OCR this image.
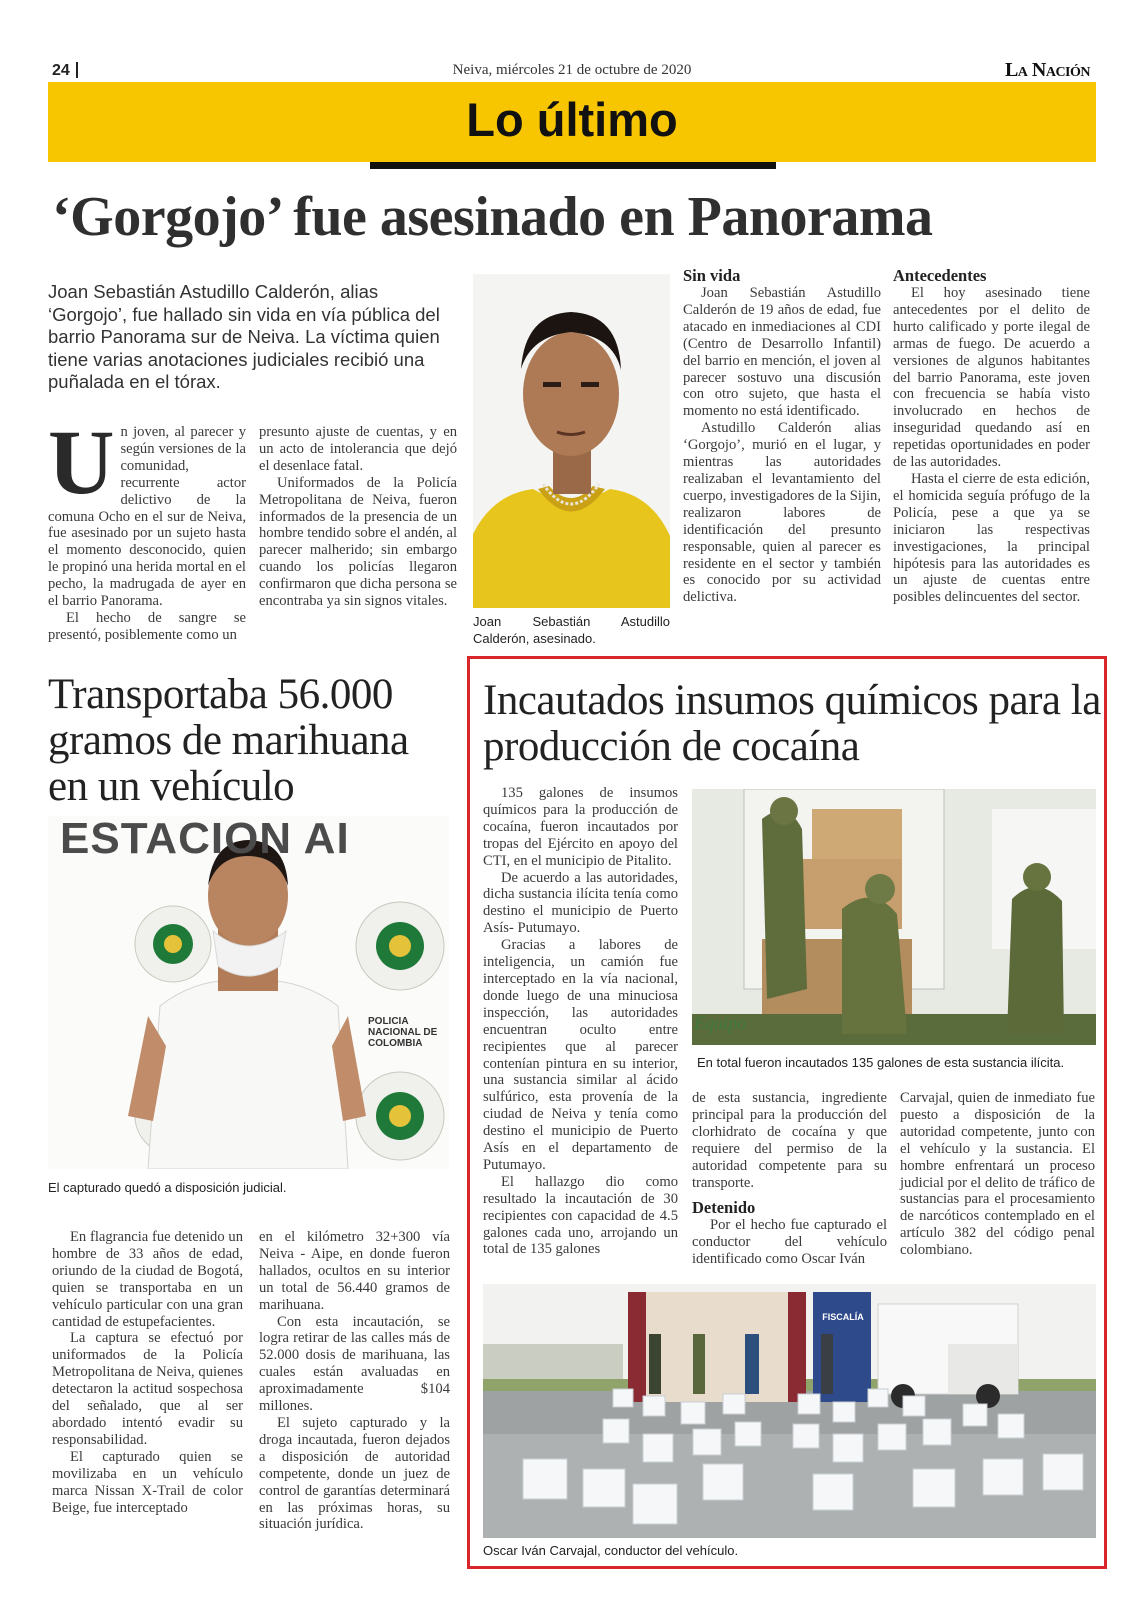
24	Neiva, miércoles 21 de octubre de 2020	La Nación
Lo último
‘Gorgojo’ fue asesinado en Panorama
Joan Sebastián Astudillo Calderón, alias ‘Gorgojo’, fue hallado sin vida en vía pública del barrio Panorama sur de Neiva. La víctima quien tiene varias anotaciones judiciales recibió una puñalada en el tórax.
U n joven, al parecer y según versiones de la comunidad, recurrente actor delictivo de la comuna Ocho en el sur de Neiva, fue asesinado por un sujeto hasta el momento desconocido, quien le propinó una herida mortal en el pecho, la madrugada de ayer en el barrio Panorama.

El hecho de sangre se presentó, posiblemente como un

presunto ajuste de cuentas, y en un acto de intolerancia que dejó el desenlace fatal.

Uniformados de la Policía Metropolitana de Neiva, fueron informados de la presencia de un hombre tendido sobre el andén, al parecer malherido; sin embargo cuando los policías llegaron confirmaron que dicha persona se encontraba ya sin signos vitales.

Joan Sebastián Astudillo Calderón, asesinado.
Sin vida

Joan Sebastián Astudillo Calderón de 19 años de edad, fue atacado en inmediaciones al CDI (Centro de Desarrollo Infantil) del barrio en mención, el joven al parecer sostuvo una discusión con otro sujeto, que hasta el momento no está identificado.

Astudillo Calderón alias ‘Gorgojo’, murió en el lugar, y mientras las autoridades realizaban el levantamiento del cuerpo, investigadores de la Sijin, realizaron labores de identificación del presunto responsable, quien al parecer es residente en el sector y también es conocido por su actividad delictiva.

Antecedentes

El hoy asesinado tiene antecedentes por el delito de hurto calificado y porte ilegal de armas de fuego. De acuerdo a versiones de algunos habitantes del barrio Panorama, este joven con frecuencia se había visto involucrado en hechos de inseguridad quedando así en repetidas oportunidades en poder de las autoridades.

Hasta el cierre de esta edición, el homicida seguía prófugo de la Policía, pese a que ya se iniciaron las respectivas investigaciones, la principal hipótesis para las autoridades es un ajuste de cuentas entre posibles delincuentes del sector.

Transportaba 56.000 gramos de marihuana en un vehículo
ESTACION AI
POLICIA NACIONAL DE COLOMBIA
El capturado quedó a disposición judicial.

En flagrancia fue detenido un hombre de 33 años de edad, oriundo de la ciudad de Bogotá, quien se transportaba en un vehículo particular con una gran cantidad de estupefacientes.

La captura se efectuó por uniformados de la Policía Metropolitana de Neiva, quienes detectaron la actitud sospechosa del señalado, que al ser abordado intentó evadir su responsabilidad.

El capturado quien se movilizaba en un vehículo marca Nissan X-Trail de color Beige, fue interceptado

en el kilómetro 32+300 vía Neiva - Aipe, en donde fueron hallados, ocultos en su interior un total de 56.440 gramos de marihuana.

Con esta incautación, se logra retirar de las calles más de 52.000 dosis de marihuana, las cuales están avaluadas en aproximadamente $104 millones.

El sujeto capturado y la droga incautada, fueron dejados a disposición de autoridad competente, donde un juez de control de garantías determinará en las próximas horas, su situación jurídica.

Incautados insumos químicos para la producción de cocaína

135 galones de insumos químicos para la producción de cocaína, fueron incautados por tropas del Ejército en apoyo del CTI, en el municipio de Pitalito.

De acuerdo a las autoridades, dicha sustancia ilícita tenía como destino el municipio de Puerto Asís- Putumayo.

Gracias a labores de inteligencia, un camión fue interceptado en la vía nacional, donde luego de una minuciosa inspección, las autoridades encuentran oculto entre recipientes que al parecer contenían pintura en su interior, una sustancia similar al ácido sulfúrico, esta provenía de la ciudad de Neiva y tenía como destino el municipio de Puerto Asís en el departamento de Putumayo.

El hallazgo dio como resultado la incautación de 30 recipientes con capacidad de 4.5 galones cada uno, arrojando un total de 135 galones

Equipo
En total fueron incautados 135 galones de esta sustancia ilícita.

de esta sustancia, ingrediente principal para la producción del clorhidrato de cocaína y que requiere del permiso de la autoridad competente para su transporte.

Detenido

Por el hecho fue capturado el conductor del vehículo identificado como Oscar Iván

Carvajal, quien de inmediato fue puesto a disposición de la autoridad competente, junto con el vehículo y la sustancia. El hombre enfrentará un proceso judicial por el delito de tráfico de sustancias para el procesamiento de narcóticos contemplado en el artículo 382 del código penal colombiano.

FISCALÍA
Oscar Iván Carvajal, conductor del vehículo.
